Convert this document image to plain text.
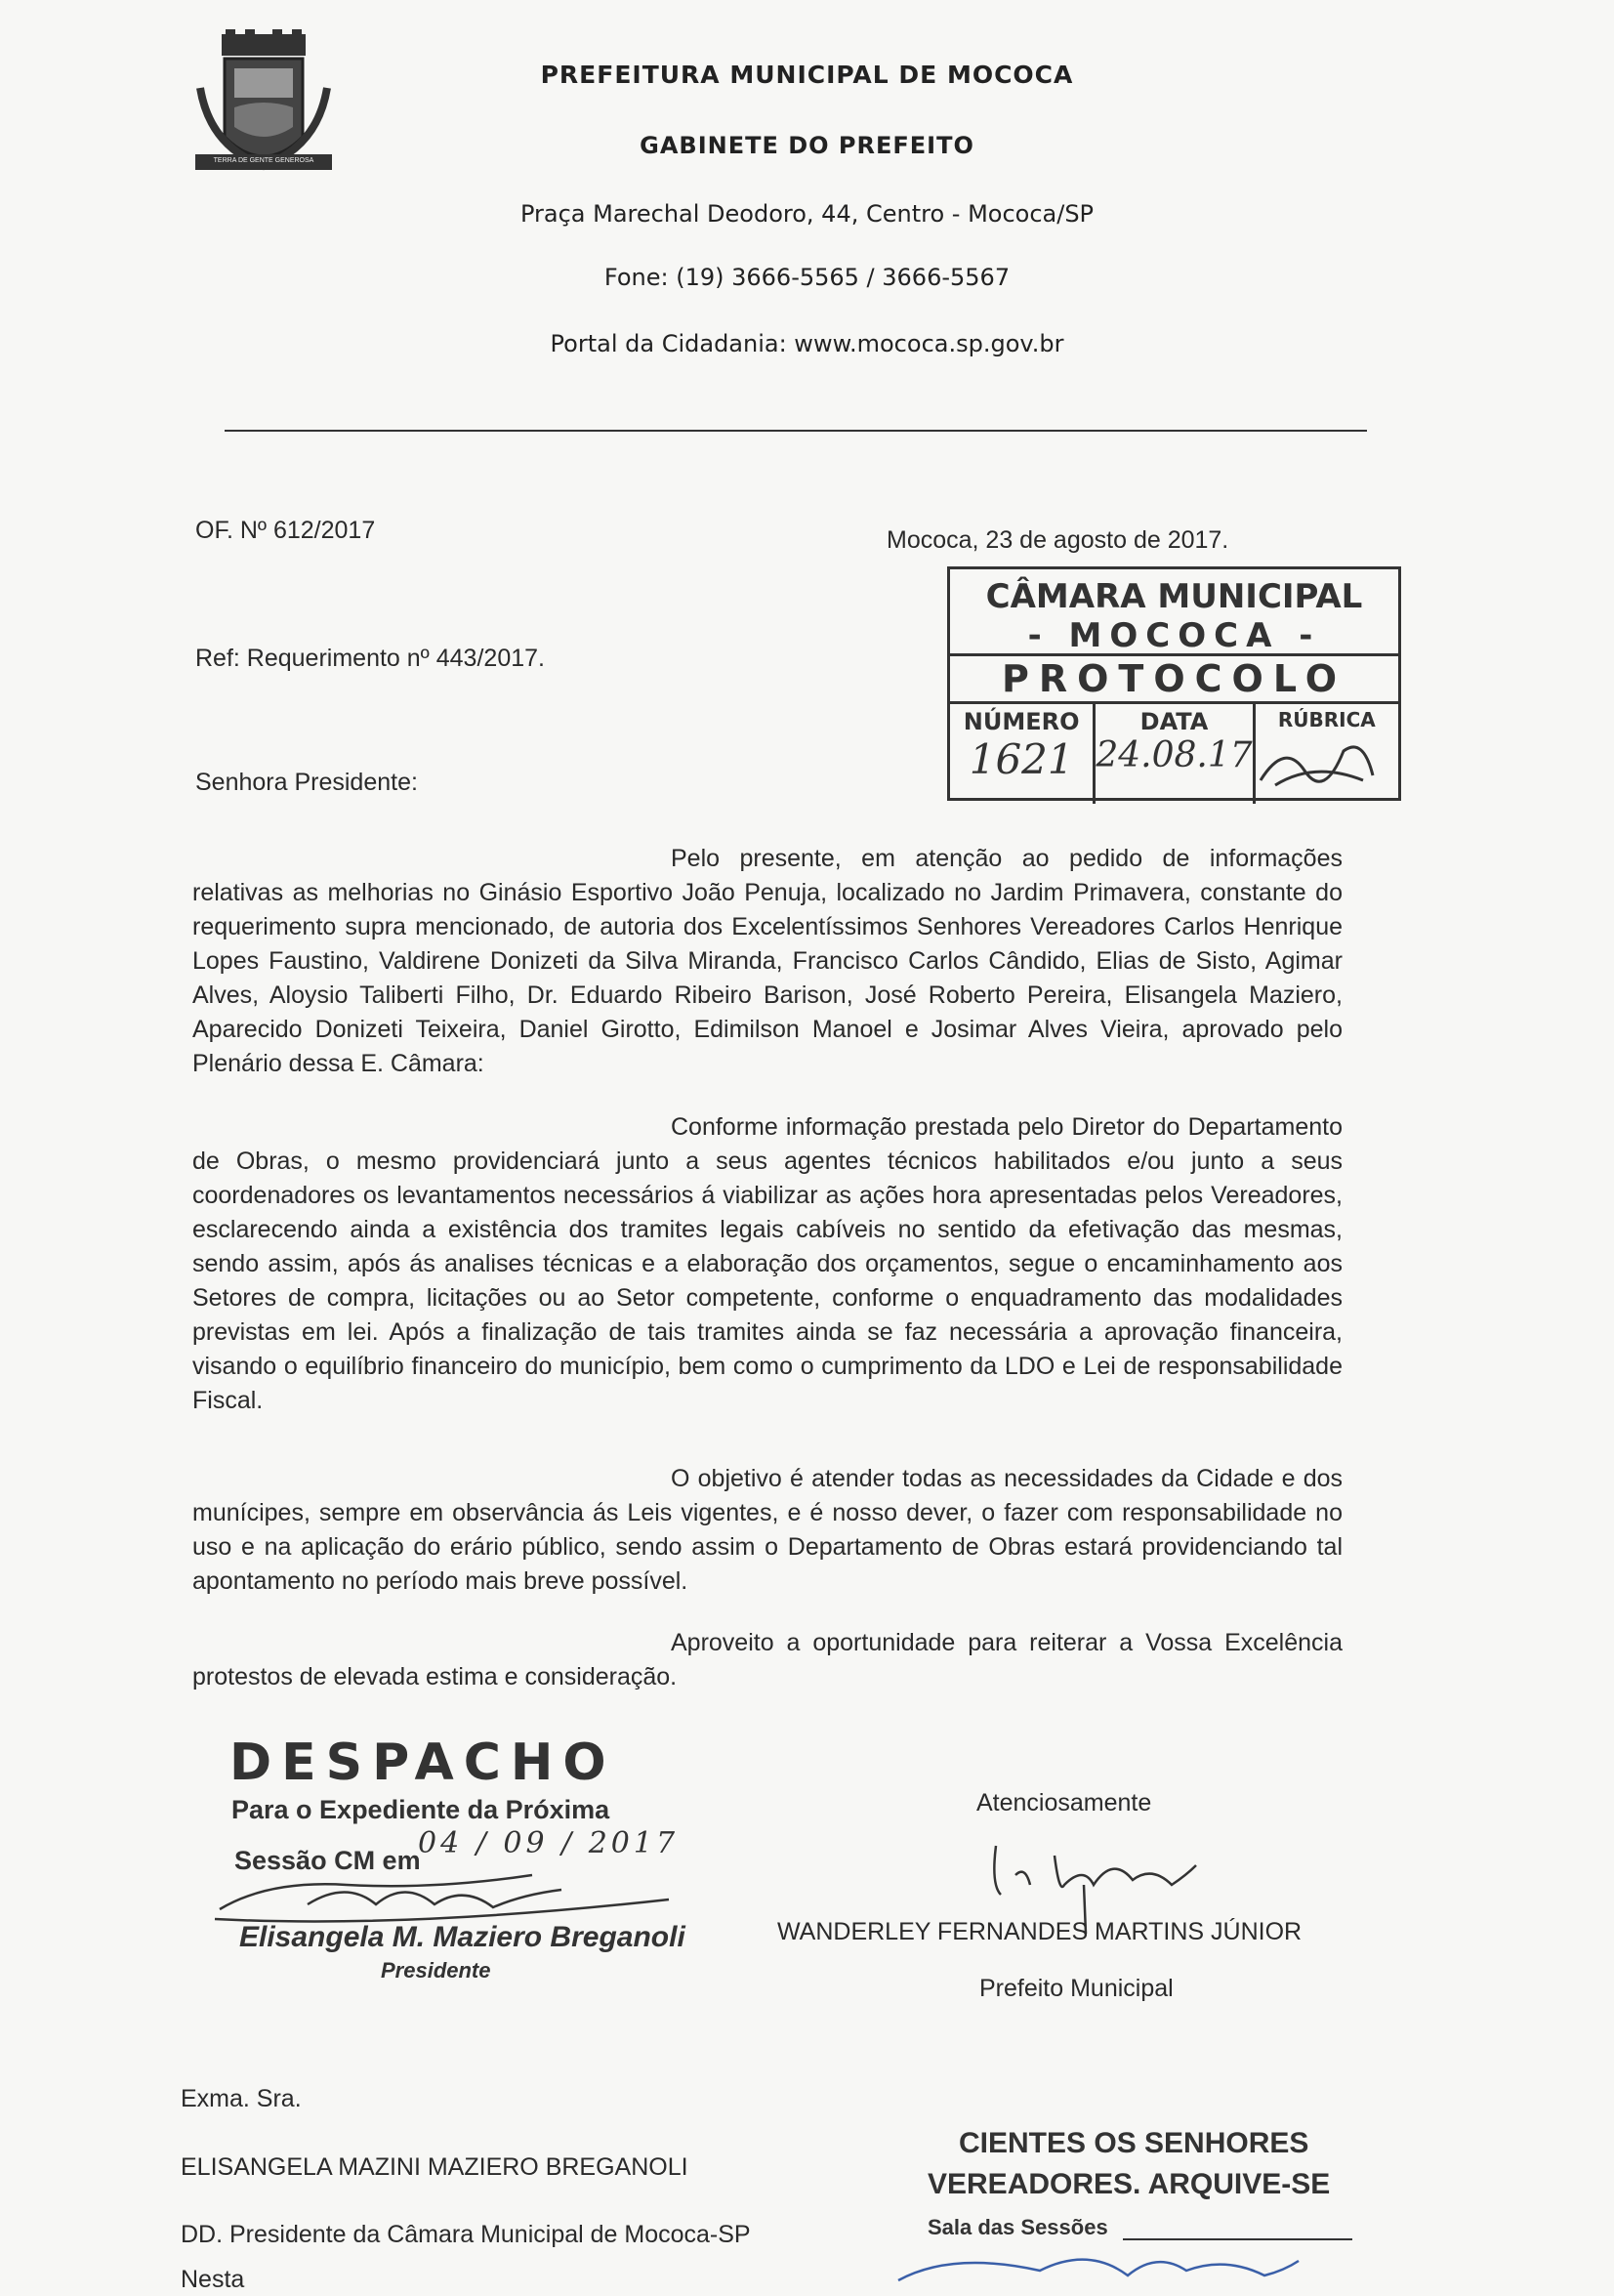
TERRA DE GENTE GENEROSA
PREFEITURA MUNICIPAL DE MOCOCA
GABINETE DO PREFEITO
Praça Marechal Deodoro, 44, Centro - Mococa/SP
Fone: (19) 3666-5565 / 3666-5567
Portal da Cidadania: www.mococa.sp.gov.br
OF. Nº 612/2017	Mococa, 23 de agosto de 2017.
Ref: Requerimento nº 443/2017.
Senhora Presidente:
CÂMARA MUNICIPAL
- MOCOCA -
PROTOCOLO
NÚMERO
1621
DATA
24.08.17
RÚBRICA

Pelo presente, em atenção ao pedido de informações relativas as melhorias no Ginásio Esportivo João Penuja, localizado no Jardim Primavera, constante do requerimento supra mencionado, de autoria dos Excelentíssimos Senhores Vereadores Carlos Henrique Lopes Faustino, Valdirene Donizeti da Silva Miranda, Francisco Carlos Cândido, Elias de Sisto, Agimar Alves, Aloysio Taliberti Filho, Dr. Eduardo Ribeiro Barison, José Roberto Pereira, Elisangela Maziero, Aparecido Donizeti Teixeira, Daniel Girotto, Edimilson Manoel e Josimar Alves Vieira, aprovado pelo Plenário dessa E. Câmara:

Conforme informação prestada pelo Diretor do Departamento de Obras, o mesmo providenciará junto a seus agentes técnicos habilitados e/ou junto a seus coordenadores os levantamentos necessários á viabilizar as ações hora apresentadas pelos Vereadores, esclarecendo ainda a existência dos tramites legais cabíveis no sentido da efetivação das mesmas, sendo assim, após ás analises técnicas e a elaboração dos orçamentos, segue o encaminhamento aos Setores de compra, licitações ou ao Setor competente, conforme o enquadramento das modalidades previstas em lei. Após a finalização de tais tramites ainda se faz necessária a aprovação financeira, visando o equilíbrio financeiro do município, bem como o cumprimento da LDO e Lei de responsabilidade Fiscal.

O objetivo é atender todas as necessidades da Cidade e dos munícipes, sempre em observância ás Leis vigentes, e é nosso dever, o fazer com responsabilidade no uso e na aplicação do erário público, sendo assim o Departamento de Obras estará providenciando tal apontamento no período mais breve possível.

Aproveito a oportunidade para reiterar a Vossa Excelência protestos de elevada estima e consideração.

DESPACHO
Para o Expediente da Próxima
Sessão CM em
04 / 09 / 2017
Elisangela M. Maziero Breganoli
Presidente
Atenciosamente
WANDERLEY FERNANDES MARTINS JÚNIOR
Prefeito Municipal
Exma. Sra.
ELISANGELA MAZINI MAZIERO BREGANOLI
DD. Presidente da Câmara Municipal de Mococa-SP
Nesta
CIENTES OS SENHORES
VEREADORES. ARQUIVE-SE
Sala das Sessões
